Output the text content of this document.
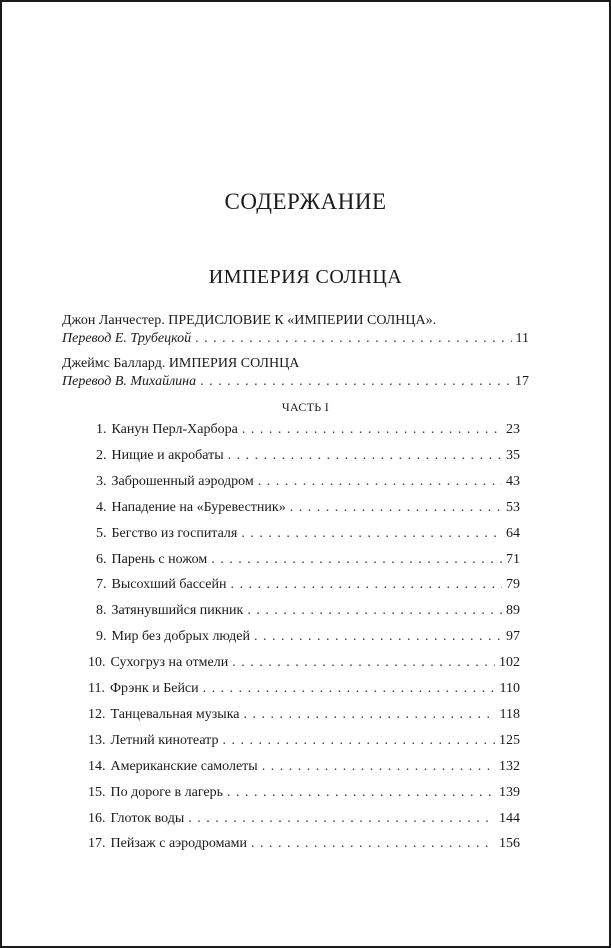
СОДЕРЖАНИЕ
ИМПЕРИЯ СОЛНЦА
Джон Ланчестер. ПРЕДИСЛОВИЕ К «ИМПЕРИИ СОЛНЦА».
Перевод Е. Трубецкой . . .	11
Джеймс Баллард. ИМПЕРИЯ СОЛНЦА
Перевод В. Михайлина . . .	17
ЧАСТЬ I
1. Канун Перл-Харбора . . .	23
2. Нищие и акробаты . . .	35
3. Заброшенный аэродром . . .	43
4. Нападение на «Буревестник» . . .	53
5. Бегство из госпиталя . . .	64
6. Парень с ножом . . .	71
7. Высохший бассейн . . .	79
8. Затянувшийся пикник . . .	89
9. Мир без добрых людей . . .	97
10. Сухогруз на отмели . . .	102
11. Фрэнк и Бейси . . .	110
12. Танцевальная музыка . . .	118
13. Летний кинотеатр . . .	125
14. Американские самолеты . . .	132
15. По дороге в лагерь . . .	139
16. Глоток воды . . .	144
17. Пейзаж с аэродромами . . .	156
